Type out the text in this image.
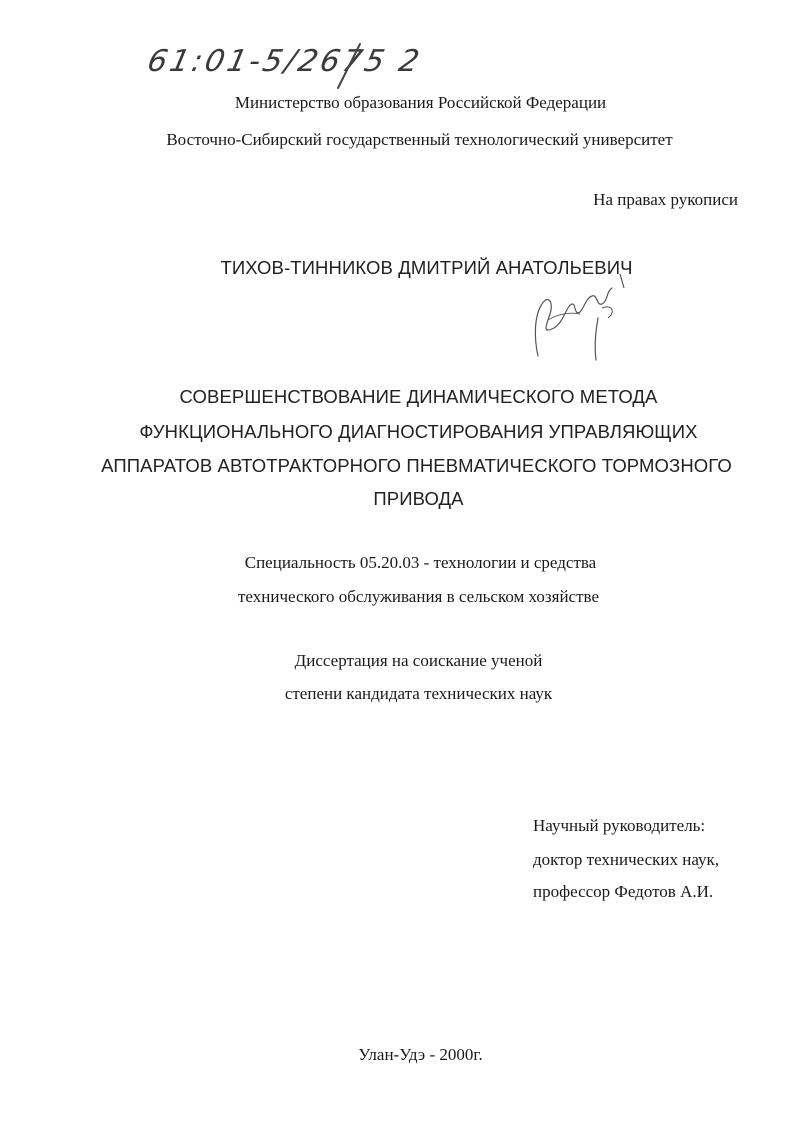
61:01-5/2675 2
Министерство образования Российской Федерации
Восточно-Сибирский государственный технологический университет
На правах рукописи
ТИХОВ-ТИННИКОВ ДМИТРИЙ АНАТОЛЬЕВИЧ
СОВЕРШЕНСТВОВАНИЕ ДИНАМИЧЕСКОГО МЕТОДА
ФУНКЦИОНАЛЬНОГО ДИАГНОСТИРОВАНИЯ УПРАВЛЯЮЩИХ
АППАРАТОВ АВТОТРАКТОРНОГО ПНЕВМАТИЧЕСКОГО ТОРМОЗНОГО
ПРИВОДА
Специальность 05.20.03 - технологии и средства
технического обслуживания в сельском хозяйстве
Диссертация на соискание ученой
степени кандидата технических наук
Научный руководитель:
доктор технических наук,
профессор Федотов А.И.
Улан-Удэ - 2000г.
